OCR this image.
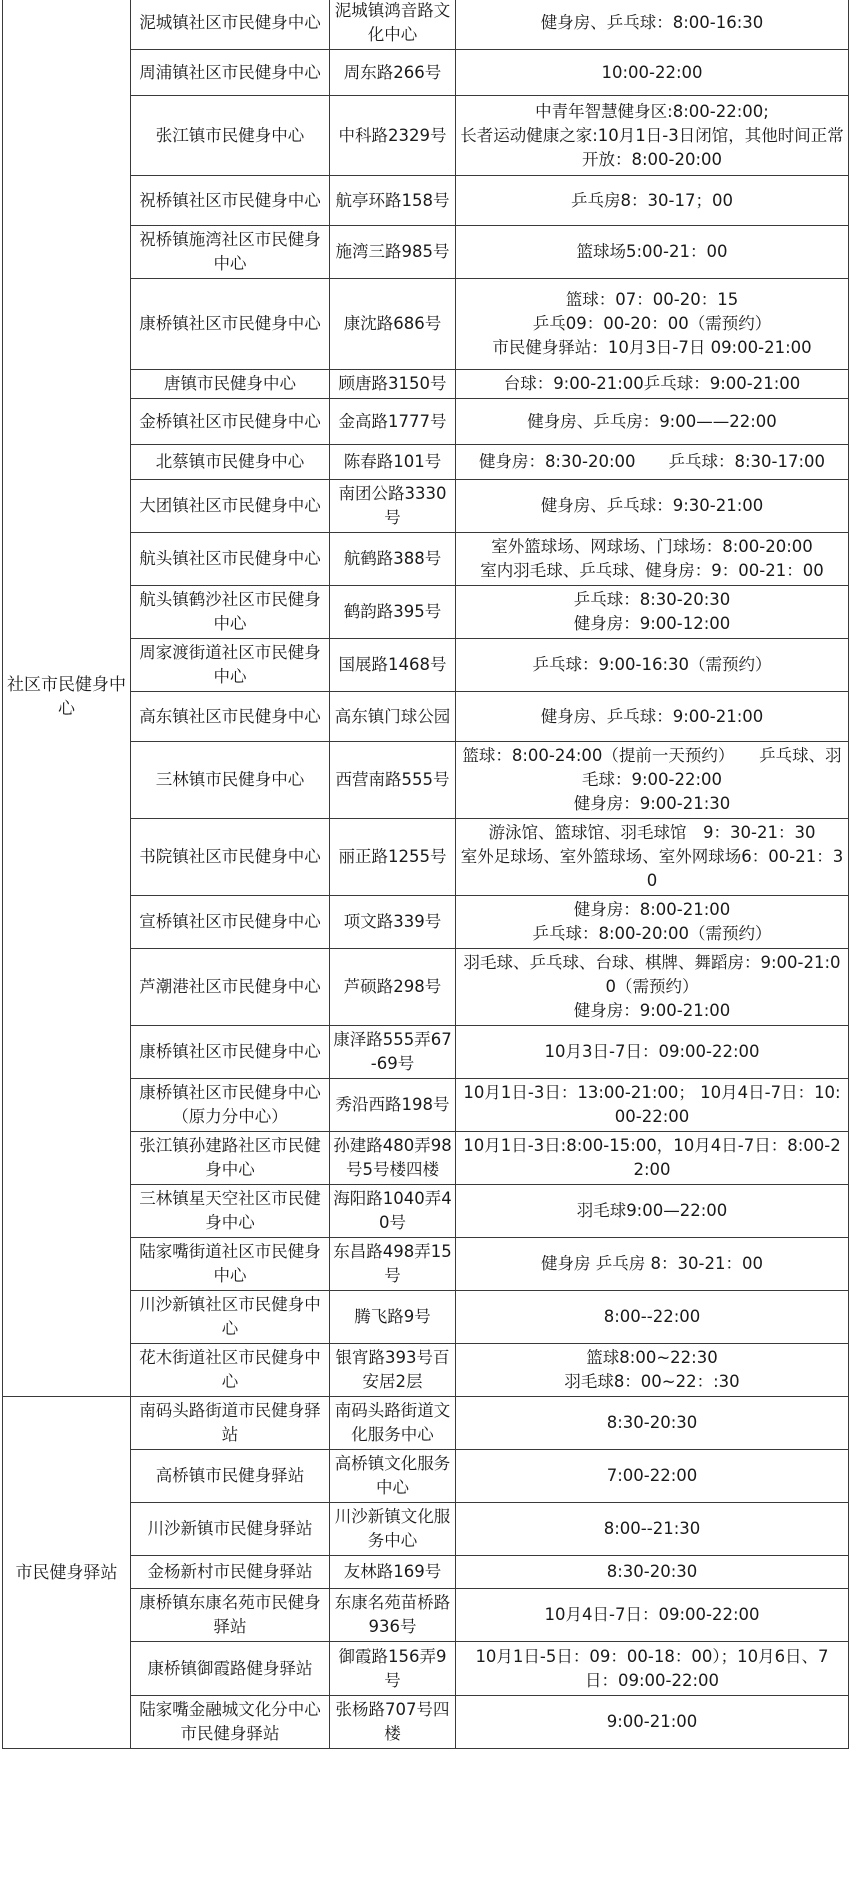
社区市民健身中心	泥城镇社区市民健身中心	泥城镇鸿音路文化中心	健身房、乒乓球：8:00-16:30
	周浦镇社区市民健身中心	周东路266号	10:00-22:00
	张江镇市民健身中心	中科路2329号	中青年智慧健身区:8:00-22:00;
长者运动健康之家:10月1日-3日闭馆，其他时间正常开放：8:00-20:00
	祝桥镇社区市民健身中心	航亭环路158号	乒乓房8：30-17；00
	祝桥镇施湾社区市民健身中心	施湾三路985号	篮球场5:00-21：00
	康桥镇社区市民健身中心	康沈路686号	篮球：07：00-20：15
乒乓09：00-20：00（需预约）
市民健身驿站：10月3日-7日 09:00-21:00
	唐镇市民健身中心	顾唐路3150号	台球：9:00-21:00乒乓球：9:00-21:00
	金桥镇社区市民健身中心	金高路1777号	健身房、乒乓房：9:00——22:00
	北蔡镇市民健身中心	陈春路101号	健身房：8:30-20:00　　乒乓球：8:30-17:00
	大团镇社区市民健身中心	南团公路3330号	健身房、乒乓球：9:30-21:00
	航头镇社区市民健身中心	航鹤路388号	室外篮球场、网球场、门球场：8:00-20:00
室内羽毛球、乒乓球、健身房：9：00-21：00
	航头镇鹤沙社区市民健身中心	鹤韵路395号	乒乓球：8:30-20:30
健身房：9:00-12:00
	周家渡街道社区市民健身中心	国展路1468号	乒乓球：9:00-16:30（需预约）
	高东镇社区市民健身中心	高东镇门球公园	健身房、乒乓球：9:00-21:00
	三林镇市民健身中心	西营南路555号	篮球：8:00-24:00（提前一天预约）　　乒乓球、羽毛球：9:00-22:00
健身房：9:00-21:30
	书院镇社区市民健身中心	丽正路1255号	游泳馆、篮球馆、羽毛球馆　9：30-21：30
室外足球场、室外篮球场、室外网球场6：00-21：30
	宣桥镇社区市民健身中心	项文路339号	健身房：8:00-21:00
乒乓球：8:00-20:00（需预约）
	芦潮港社区市民健身中心	芦硕路298号	羽毛球、乒乓球、台球、棋牌、舞蹈房：9:00-21:00（需预约）
健身房：9:00-21:00
	康桥镇社区市民健身中心	康泽路555弄67-69号	10月3日-7日：09:00-22:00
	康桥镇社区市民健身中心（原力分中心）	秀沿西路198号	10月1日-3日：13:00-21:00； 10月4日-7日：10:00-22:00
	张江镇孙建路社区市民健身中心	孙建路480弄98号5号楼四楼	10月1日-3日:8:00-15:00，10月4日-7日：8:00-22:00
	三林镇星天空社区市民健身中心	海阳路1040弄40号	羽毛球9:00—22:00
	陆家嘴街道社区市民健身中心	东昌路498弄15号	健身房 乒乓房 8：30-21：00
	川沙新镇社区市民健身中心	腾飞路9号	8:00--22:00
	花木街道社区市民健身中心	银宵路393号百安居2层	篮球8:00~22:30
羽毛球8：00~22：:30
市民健身驿站	南码头路街道市民健身驿站	南码头路街道文化服务中心	8:30-20:30
	高桥镇市民健身驿站	高桥镇文化服务中心	7:00-22:00
	川沙新镇市民健身驿站	川沙新镇文化服务中心	8:00--21:30
	金杨新村市民健身驿站	友林路169号	8:30-20:30
	康桥镇东康名苑市民健身驿站	东康名苑苗桥路936号	10月4日-7日：09:00-22:00
	康桥镇御霞路健身驿站	御霞路156弄9号	10月1日-5日：09：00-18：00）；10月6日、7日：09:00-22:00
	陆家嘴金融城文化分中心市民健身驿站	张杨路707号四楼	9:00-21:00
